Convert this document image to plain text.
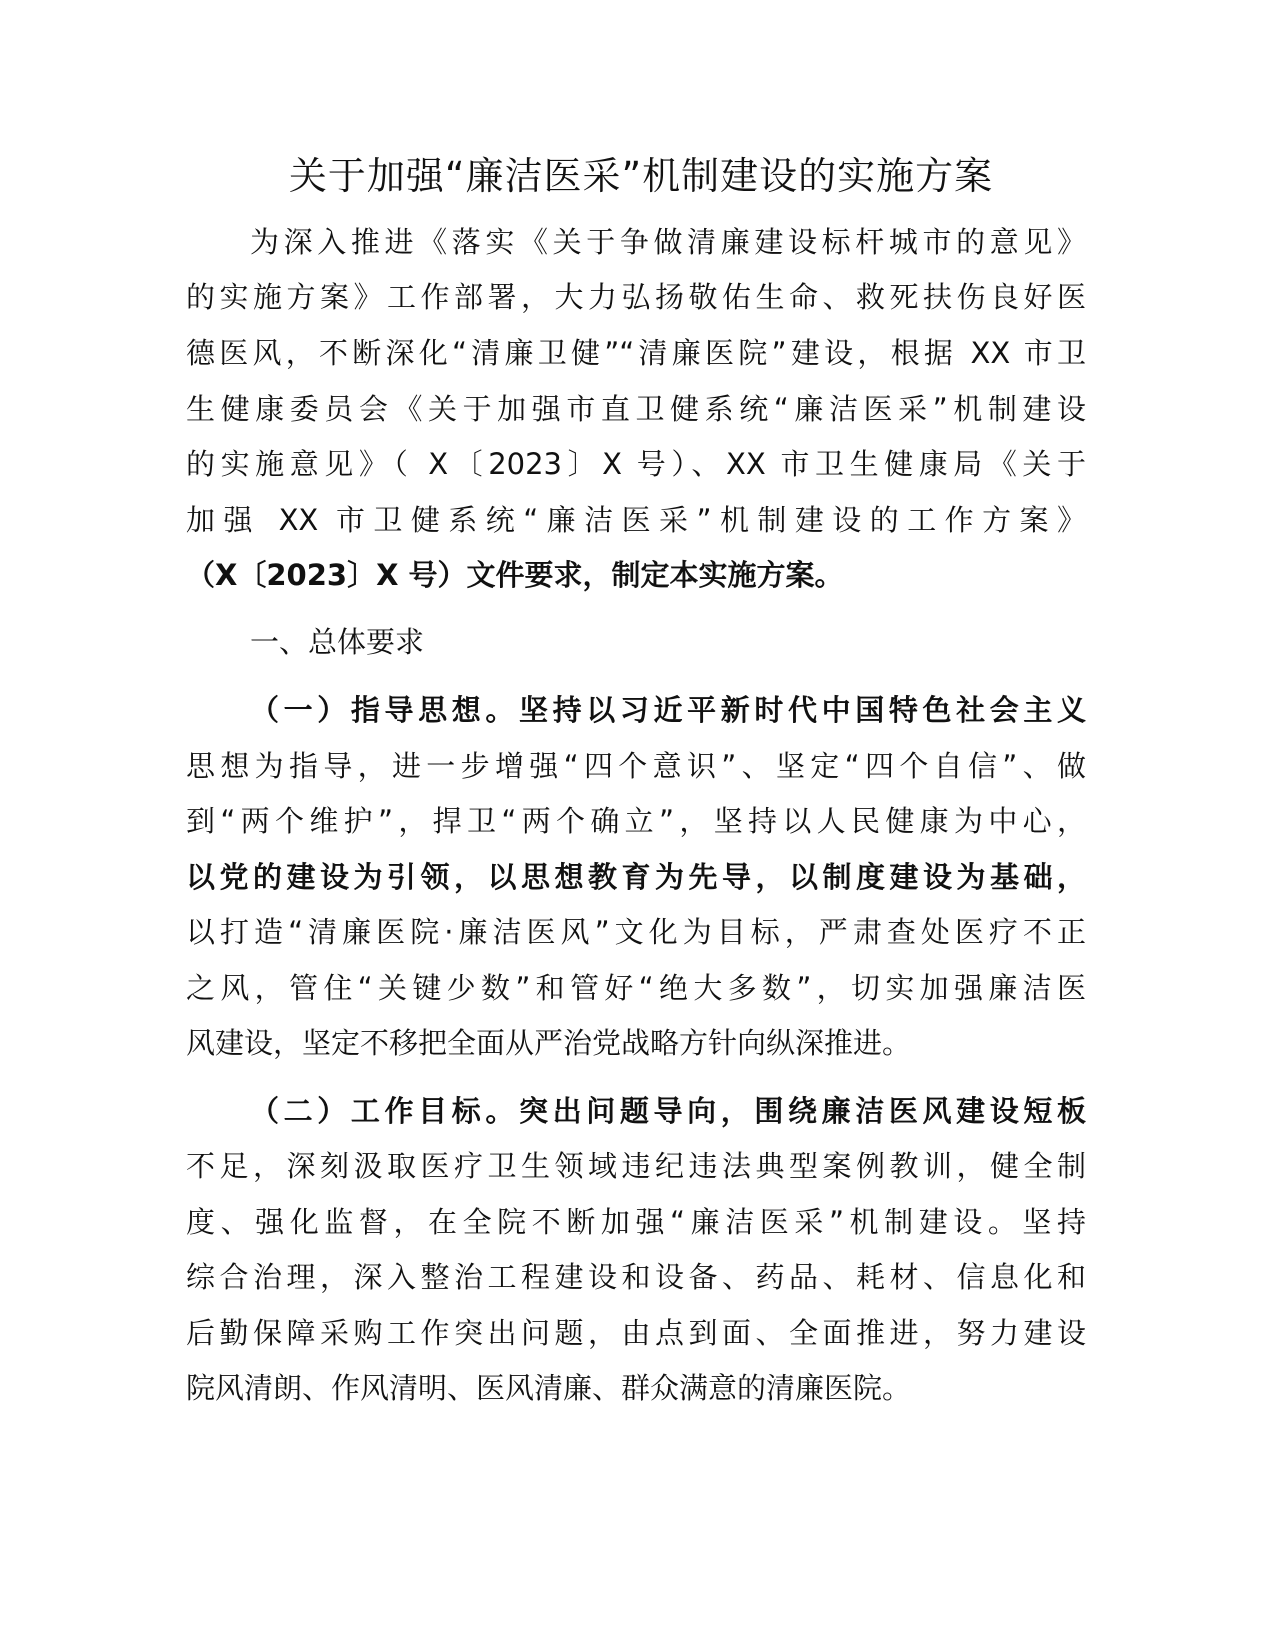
关于加强“廉洁医采”机制建设的实施方案
为深入推进《落实《关于争做清廉建设标杆城市的意见》
的实施方案》工作部署，大力弘扬敬佑生命、救死扶伤良好医
德医风，不断深化“清廉卫健”“清廉医院”建设，根据 XX 市卫
生健康委员会《关于加强市直卫健系统“廉洁医采”机制建设
的实施意见》（ X〔2023〕X 号）、XX 市卫生健康局《关于
加强 XX 市卫健系统“廉洁医采”机制建设的工作方案》
（X〔2023〕X 号）文件要求，制定本实施方案。
一、总体要求
（一）指导思想。坚持以习近平新时代中国特色社会主义
思想为指导，进一步增强“四个意识”、坚定“四个自信”、做
到“两个维护”，捍卫“两个确立”，坚持以人民健康为中心，
以党的建设为引领，以思想教育为先导，以制度建设为基础，
以打造“清廉医院·廉洁医风”文化为目标，严肃查处医疗不正
之风，管住“关键少数”和管好“绝大多数”，切实加强廉洁医
风建设，坚定不移把全面从严治党战略方针向纵深推进。
（二）工作目标。突出问题导向，围绕廉洁医风建设短板
不足，深刻汲取医疗卫生领域违纪违法典型案例教训，健全制
度、强化监督，在全院不断加强“廉洁医采”机制建设。坚持
综合治理，深入整治工程建设和设备、药品、耗材、信息化和
后勤保障采购工作突出问题，由点到面、全面推进，努力建设
院风清朗、作风清明、医风清廉、群众满意的清廉医院。
